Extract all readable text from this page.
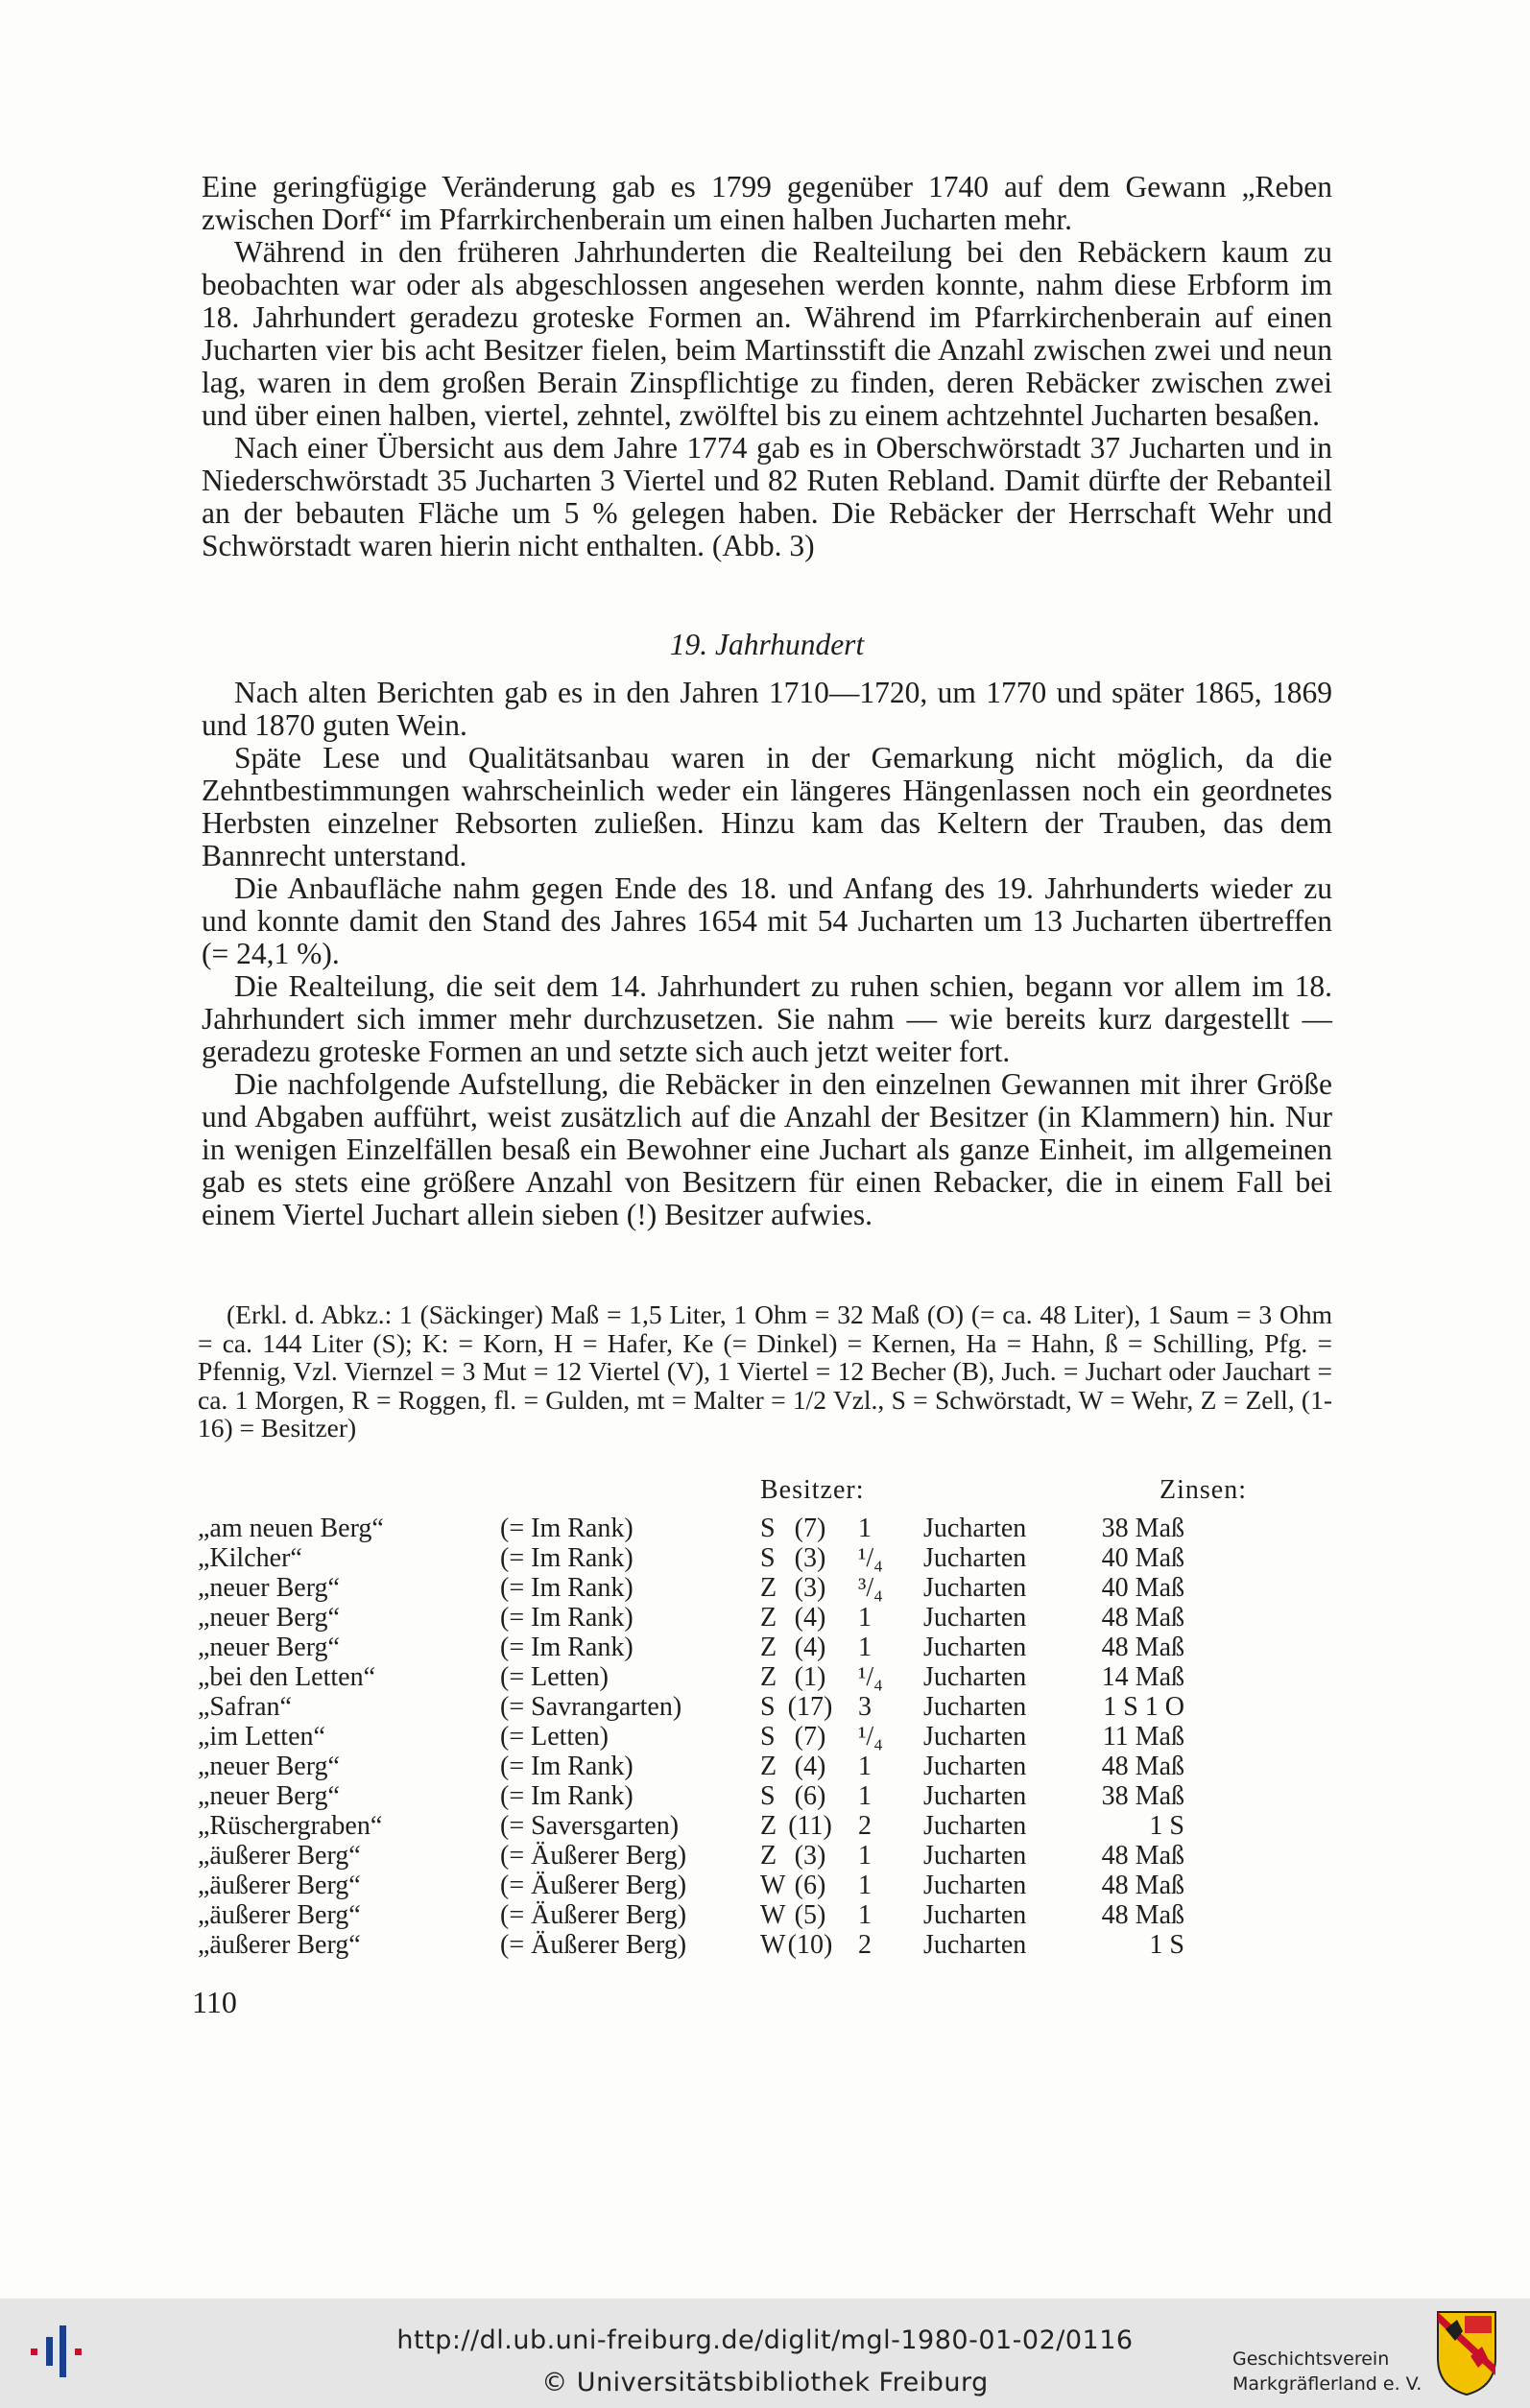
Eine geringfügige Veränderung gab es 1799 gegenüber 1740 auf dem Gewann „Reben zwischen Dorf“ im Pfarrkirchenberain um einen halben Jucharten mehr.

Während in den früheren Jahrhunderten die Realteilung bei den Rebäckern kaum zu beobachten war oder als abgeschlossen angesehen werden konnte, nahm diese Erbform im 18. Jahrhundert geradezu groteske Formen an. Während im Pfarrkirchenberain auf einen Jucharten vier bis acht Besitzer fielen, beim Martinsstift die Anzahl zwischen zwei und neun lag, waren in dem großen Berain Zinspflichtige zu finden, deren Rebäcker zwischen zwei und über einen halben, viertel, zehntel, zwölftel bis zu einem achtzehntel Jucharten besaßen.

Nach einer Übersicht aus dem Jahre 1774 gab es in Oberschwörstadt 37 Jucharten und in Niederschwörstadt 35 Jucharten 3 Viertel und 82 Ruten Rebland. Damit dürfte der Rebanteil an der bebauten Fläche um 5 % gelegen haben. Die Rebäcker der Herrschaft Wehr und Schwörstadt waren hierin nicht enthalten. (Abb. 3)

19. Jahrhundert

Nach alten Berichten gab es in den Jahren 1710—1720, um 1770 und später 1865, 1869 und 1870 guten Wein.

Späte Lese und Qualitätsanbau waren in der Gemarkung nicht möglich, da die Zehntbestimmungen wahrscheinlich weder ein längeres Hängenlassen noch ein geordnetes Herbsten einzelner Rebsorten zuließen. Hinzu kam das Keltern der Trauben, das dem Bannrecht unterstand.

Die Anbaufläche nahm gegen Ende des 18. und Anfang des 19. Jahrhunderts wieder zu und konnte damit den Stand des Jahres 1654 mit 54 Jucharten um 13 Jucharten übertreffen (= 24,1 %).

Die Realteilung, die seit dem 14. Jahrhundert zu ruhen schien, begann vor allem im 18. Jahrhundert sich immer mehr durchzusetzen. Sie nahm — wie bereits kurz dargestellt — geradezu groteske Formen an und setzte sich auch jetzt weiter fort.

Die nachfolgende Aufstellung, die Rebäcker in den einzelnen Gewannen mit ihrer Größe und Abgaben aufführt, weist zusätzlich auf die Anzahl der Besitzer (in Klammern) hin. Nur in wenigen Einzelfällen besaß ein Bewohner eine Juchart als ganze Einheit, im allgemeinen gab es stets eine größere Anzahl von Besitzern für einen Rebacker, die in einem Fall bei einem Viertel Juchart allein sieben (!) Besitzer aufwies.

(Erkl. d. Abkz.: 1 (Säckinger) Maß = 1,5 Liter, 1 Ohm = 32 Maß (O) (= ca. 48 Liter), 1 Saum = 3 Ohm = ca. 144 Liter (S); K: = Korn, H = Hafer, Ke (= Dinkel) = Kernen, Ha = Hahn, ß = Schilling, Pfg. = Pfennig, Vzl. Viernzel = 3 Mut = 12 Viertel (V), 1 Viertel = 12 Becher (B), Juch. = Juchart oder Jauchart = ca. 1 Morgen, R = Roggen, fl. = Gulden, mt = Malter = 1/2 Vzl., S = Schwörstadt, W = Wehr, Z = Zell, (1-16) = Besitzer)

Besitzer:	Zinsen:
„am neuen Berg“	(= Im Rank)	S (7)	1 Jucharten	38 Maß
„Kilcher“	(= Im Rank)	S (3)	¹/₄ Jucharten	40 Maß
„neuer Berg“	(= Im Rank)	Z (3)	³/₄ Jucharten	40 Maß
„neuer Berg“	(= Im Rank)	Z (4)	1 Jucharten	48 Maß
„neuer Berg“	(= Im Rank)	Z (4)	1 Jucharten	48 Maß
„bei den Letten“	(= Letten)	Z (1)	¹/₄ Jucharten	14 Maß
„Safran“	(= Savrangarten)	S (17) 3 Jucharten	1 S 1 O
„im Letten“	(= Letten)	S (7)	¹/₄ Jucharten	11 Maß
„neuer Berg“	(= Im Rank)	Z (4)	1 Jucharten	48 Maß
„neuer Berg“	(= Im Rank)	S (6)	1 Jucharten	38 Maß
„Rüschergraben“	(= Saversgarten)	Z (11) 2 Jucharten	1 S
„äußerer Berg“	(= Äußerer Berg)	Z (3)	1 Jucharten	48 Maß
„äußerer Berg“	(= Äußerer Berg)	W (6)	1 Jucharten	48 Maß
„äußerer Berg“	(= Äußerer Berg)	W (5)	1 Jucharten	48 Maß
„äußerer Berg“	(= Äußerer Berg)	W (10) 2 Jucharten	1 S
110
http://dl.ub.uni-freiburg.de/diglit/mgl-1980-01-02/0116
© Universitätsbibliothek Freiburg
Geschichtsverein
Markgräflerland e. V.
